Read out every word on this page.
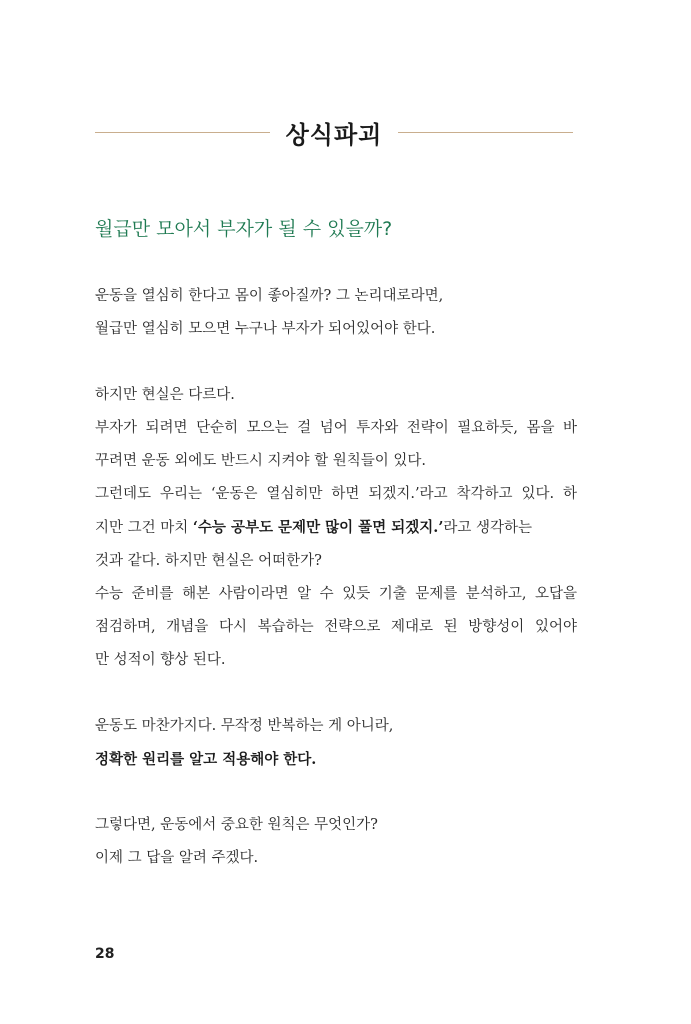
상식파괴
월급만 모아서 부자가 될 수 있을까?
운동을 열심히 한다고 몸이 좋아질까? 그 논리대로라면,
월급만 열심히 모으면 누구나 부자가 되어있어야 한다.
하지만 현실은 다르다.
부자가 되려면 단순히 모으는 걸 넘어 투자와 전략이 필요하듯, 몸을 바
꾸려면 운동 외에도 반드시 지켜야 할 원칙들이 있다.
그런데도 우리는 ‘운동은 열심히만 하면 되겠지.’라고 착각하고 있다. 하
지만 그건 마치 ‘수능 공부도 문제만 많이 풀면 되겠지.’라고 생각하는
것과 같다. 하지만 현실은 어떠한가?
수능 준비를 해본 사람이라면 알 수 있듯 기출 문제를 분석하고, 오답을
점검하며, 개념을 다시 복습하는 전략으로 제대로 된 방향성이 있어야
만 성적이 향상 된다.
운동도 마찬가지다. 무작정 반복하는 게 아니라,
정확한 원리를 알고 적용해야 한다.
그렇다면, 운동에서 중요한 원칙은 무엇인가?
이제 그 답을 알려 주겠다.
28
